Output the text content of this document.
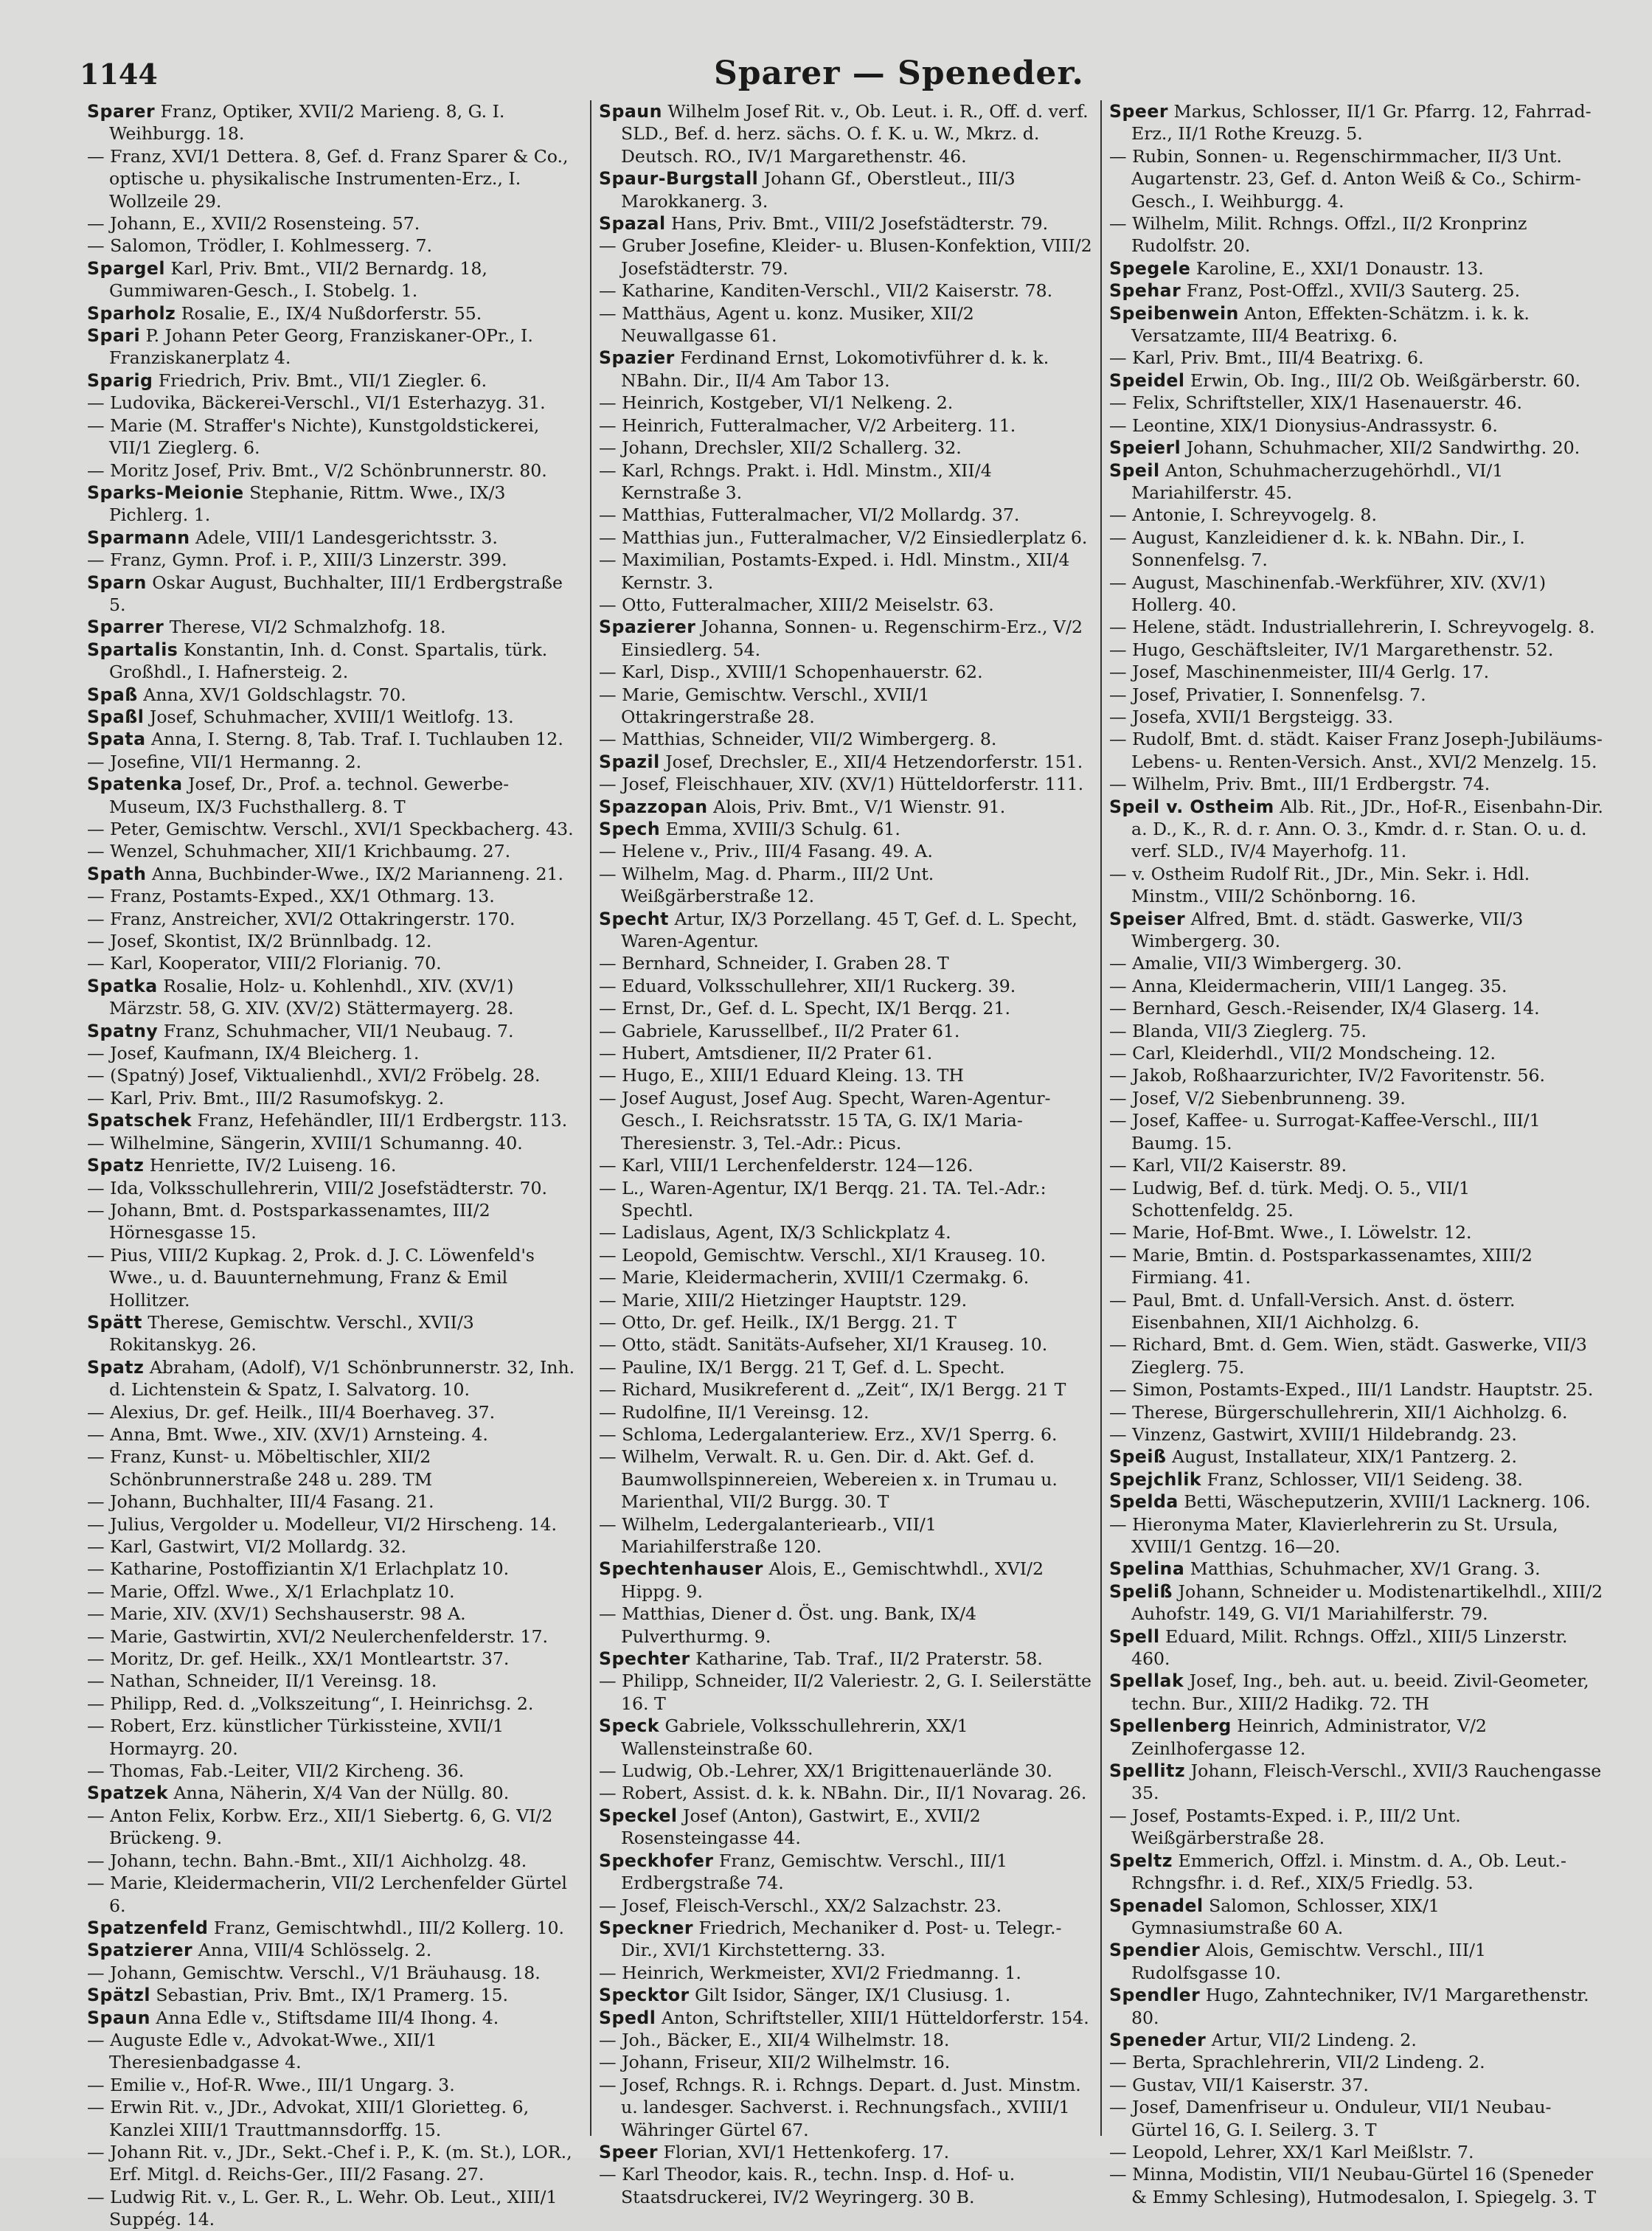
1144	Sparer — Speneder.

Sparer Franz, Optiker, XVII/2 Marieng. 8, G. I. Weihburgg. 18.

— Franz, XVI/1 Dettera. 8, Gef. d. Franz Sparer & Co., optische u. physikalische Instrumenten-Erz., I. Wollzeile 29.

— Johann, E., XVII/2 Rosensteing. 57.

— Salomon, Trödler, I. Kohlmesserg. 7.

Spargel Karl, Priv. Bmt., VII/2 Bernardg. 18, Gummiwaren-Gesch., I. Stobelg. 1.

Sparholz Rosalie, E., IX/4 Nußdorferstr. 55.

Spari P. Johann Peter Georg, Franziskaner-OPr., I. Franziskanerplatz 4.

Sparig Friedrich, Priv. Bmt., VII/1 Ziegler. 6.

— Ludovika, Bäckerei-Verschl., VI/1 Esterhazyg. 31.

— Marie (M. Straffer's Nichte), Kunstgoldstickerei, VII/1 Zieglerg. 6.

— Moritz Josef, Priv. Bmt., V/2 Schönbrunnerstr. 80.

Sparks-Meionie Stephanie, Rittm. Wwe., IX/3 Pichlerg. 1.

Sparmann Adele, VIII/1 Landesgerichtsstr. 3.

— Franz, Gymn. Prof. i. P., XIII/3 Linzerstr. 399.

Sparn Oskar August, Buchhalter, III/1 Erdbergstraße 5.

Sparrer Therese, VI/2 Schmalzhofg. 18.

Spartalis Konstantin, Inh. d. Const. Spartalis, türk. Großhdl., I. Hafnersteig. 2.

Spaß Anna, XV/1 Goldschlagstr. 70.

Spaßl Josef, Schuhmacher, XVIII/1 Weitlofg. 13.

Spata Anna, I. Sterng. 8, Tab. Traf. I. Tuchlauben 12.

— Josefine, VII/1 Hermanng. 2.

Spatenka Josef, Dr., Prof. a. technol. Gewerbe-Museum, IX/3 Fuchsthallerg. 8. T

— Peter, Gemischtw. Verschl., XVI/1 Speckbacherg. 43.

— Wenzel, Schuhmacher, XII/1 Krichbaumg. 27.

Spath Anna, Buchbinder-Wwe., IX/2 Marianneng. 21.

— Franz, Postamts-Exped., XX/1 Othmarg. 13.

— Franz, Anstreicher, XVI/2 Ottakringerstr. 170.

— Josef, Skontist, IX/2 Brünnlbadg. 12.

— Karl, Kooperator, VIII/2 Florianig. 70.

Spatka Rosalie, Holz- u. Kohlenhdl., XIV. (XV/1) Märzstr. 58, G. XIV. (XV/2) Stättermayerg. 28.

Spatny Franz, Schuhmacher, VII/1 Neubaug. 7.

— Josef, Kaufmann, IX/4 Bleicherg. 1.

— (Spatný) Josef, Viktualienhdl., XVI/2 Fröbelg. 28.

— Karl, Priv. Bmt., III/2 Rasumofskyg. 2.

Spatschek Franz, Hefehändler, III/1 Erdbergstr. 113.

— Wilhelmine, Sängerin, XVIII/1 Schumanng. 40.

Spatz Henriette, IV/2 Luiseng. 16.

— Ida, Volksschullehrerin, VIII/2 Josefstädterstr. 70.

— Johann, Bmt. d. Postsparkassenamtes, III/2 Hörnesgasse 15.

— Pius, VIII/2 Kupkag. 2, Prok. d. J. C. Löwenfeld's Wwe., u. d. Bauunternehmung, Franz & Emil Hollitzer.

Spätt Therese, Gemischtw. Verschl., XVII/3 Rokitanskyg. 26.

Spatz Abraham, (Adolf), V/1 Schönbrunnerstr. 32, Inh. d. Lichtenstein & Spatz, I. Salvatorg. 10.

— Alexius, Dr. gef. Heilk., III/4 Boerhaveg. 37.

— Anna, Bmt. Wwe., XIV. (XV/1) Arnsteing. 4.

— Franz, Kunst- u. Möbeltischler, XII/2 Schönbrunnerstraße 248 u. 289. TM

— Johann, Buchhalter, III/4 Fasang. 21.

— Julius, Vergolder u. Modelleur, VI/2 Hirscheng. 14.

— Karl, Gastwirt, VI/2 Mollardg. 32.

— Katharine, Postoffiziantin X/1 Erlachplatz 10.

— Marie, Offzl. Wwe., X/1 Erlachplatz 10.

— Marie, XIV. (XV/1) Sechshauserstr. 98 A.

— Marie, Gastwirtin, XVI/2 Neulerchenfelderstr. 17.

— Moritz, Dr. gef. Heilk., XX/1 Montleartstr. 37.

— Nathan, Schneider, II/1 Vereinsg. 18.

— Philipp, Red. d. „Volkszeitung“, I. Heinrichsg. 2.

— Robert, Erz. künstlicher Türkissteine, XVII/1 Hormayrg. 20.

— Thomas, Fab.-Leiter, VII/2 Kircheng. 36.

Spatzek Anna, Näherin, X/4 Van der Nüllg. 80.

— Anton Felix, Korbw. Erz., XII/1 Siebertg. 6, G. VI/2 Brückeng. 9.

— Johann, techn. Bahn.-Bmt., XII/1 Aichholzg. 48.

— Marie, Kleidermacherin, VII/2 Lerchenfelder Gürtel 6.

Spatzenfeld Franz, Gemischtwhdl., III/2 Kollerg. 10.

Spatzierer Anna, VIII/4 Schlösselg. 2.

— Johann, Gemischtw. Verschl., V/1 Bräuhausg. 18.

Spätzl Sebastian, Priv. Bmt., IX/1 Pramerg. 15.

Spaun Anna Edle v., Stiftsdame III/4 Ihong. 4.

— Auguste Edle v., Advokat-Wwe., XII/1 Theresienbadgasse 4.

— Emilie v., Hof-R. Wwe., III/1 Ungarg. 3.

— Erwin Rit. v., JDr., Advokat, XIII/1 Glorietteg. 6, Kanzlei XIII/1 Trauttmannsdorffg. 15.

— Johann Rit. v., JDr., Sekt.-Chef i. P., K. (m. St.), LOR., Erf. Mitgl. d. Reichs-Ger., III/2 Fasang. 27.

— Ludwig Rit. v., L. Ger. R., L. Wehr. Ob. Leut., XIII/1 Suppég. 14.

Spaun Wilhelm Josef Rit. v., Ob. Leut. i. R., Off. d. verf. SLD., Bef. d. herz. sächs. O. f. K. u. W., Mkrz. d. Deutsch. RO., IV/1 Margarethenstr. 46.

Spaur-Burgstall Johann Gf., Oberstleut., III/3 Marokkanerg. 3.

Spazal Hans, Priv. Bmt., VIII/2 Josefstädterstr. 79.

— Gruber Josefine, Kleider- u. Blusen-Konfektion, VIII/2 Josefstädterstr. 79.

— Katharine, Kanditen-Verschl., VII/2 Kaiserstr. 78.

— Matthäus, Agent u. konz. Musiker, XII/2 Neuwallgasse 61.

Spazier Ferdinand Ernst, Lokomotivführer d. k. k. NBahn. Dir., II/4 Am Tabor 13.

— Heinrich, Kostgeber, VI/1 Nelkeng. 2.

— Heinrich, Futteralmacher, V/2 Arbeiterg. 11.

— Johann, Drechsler, XII/2 Schallerg. 32.

— Karl, Rchngs. Prakt. i. Hdl. Minstm., XII/4 Kernstraße 3.

— Matthias, Futteralmacher, VI/2 Mollardg. 37.

— Matthias jun., Futteralmacher, V/2 Einsiedlerplatz 6.

— Maximilian, Postamts-Exped. i. Hdl. Minstm., XII/4 Kernstr. 3.

— Otto, Futteralmacher, XIII/2 Meiselstr. 63.

Spazierer Johanna, Sonnen- u. Regenschirm-Erz., V/2 Einsiedlerg. 54.

— Karl, Disp., XVIII/1 Schopenhauerstr. 62.

— Marie, Gemischtw. Verschl., XVII/1 Ottakringerstraße 28.

— Matthias, Schneider, VII/2 Wimbergerg. 8.

Spazil Josef, Drechsler, E., XII/4 Hetzendorferstr. 151.

— Josef, Fleischhauer, XIV. (XV/1) Hütteldorferstr. 111.

Spazzopan Alois, Priv. Bmt., V/1 Wienstr. 91.

Spech Emma, XVIII/3 Schulg. 61.

— Helene v., Priv., III/4 Fasang. 49. A.

— Wilhelm, Mag. d. Pharm., III/2 Unt. Weißgärberstraße 12.

Specht Artur, IX/3 Porzellang. 45 T, Gef. d. L. Specht, Waren-Agentur.

— Bernhard, Schneider, I. Graben 28. T

— Eduard, Volksschullehrer, XII/1 Ruckerg. 39.

— Ernst, Dr., Gef. d. L. Specht, IX/1 Berqg. 21.

— Gabriele, Karussellbef., II/2 Prater 61.

— Hubert, Amtsdiener, II/2 Prater 61.

— Hugo, E., XIII/1 Eduard Kleing. 13. TH

— Josef August, Josef Aug. Specht, Waren-Agentur-Gesch., I. Reichsratsstr. 15 TA, G. IX/1 Maria-Theresienstr. 3, Tel.-Adr.: Picus.

— Karl, VIII/1 Lerchenfelderstr. 124—126.

— L., Waren-Agentur, IX/1 Berqg. 21. TA. Tel.-Adr.: Spechtl.

— Ladislaus, Agent, IX/3 Schlickplatz 4.

— Leopold, Gemischtw. Verschl., XI/1 Krauseg. 10.

— Marie, Kleidermacherin, XVIII/1 Czermakg. 6.

— Marie, XIII/2 Hietzinger Hauptstr. 129.

— Otto, Dr. gef. Heilk., IX/1 Bergg. 21. T

— Otto, städt. Sanitäts-Aufseher, XI/1 Krauseg. 10.

— Pauline, IX/1 Bergg. 21 T, Gef. d. L. Specht.

— Richard, Musikreferent d. „Zeit“, IX/1 Bergg. 21 T

— Rudolfine, II/1 Vereinsg. 12.

— Schloma, Ledergalanteriew. Erz., XV/1 Sperrg. 6.

— Wilhelm, Verwalt. R. u. Gen. Dir. d. Akt. Gef. d. Baumwollspinnereien, Webereien x. in Trumau u. Marienthal, VII/2 Burgg. 30. T

— Wilhelm, Ledergalanteriearb., VII/1 Mariahilferstraße 120.

Spechtenhauser Alois, E., Gemischtwhdl., XVI/2 Hippg. 9.

— Matthias, Diener d. Öst. ung. Bank, IX/4 Pulverthurmg. 9.

Spechter Katharine, Tab. Traf., II/2 Praterstr. 58.

— Philipp, Schneider, II/2 Valeriestr. 2, G. I. Seilerstätte 16. T

Speck Gabriele, Volksschullehrerin, XX/1 Wallensteinstraße 60.

— Ludwig, Ob.-Lehrer, XX/1 Brigittenauerlände 30.

— Robert, Assist. d. k. k. NBahn. Dir., II/1 Novarag. 26.

Speckel Josef (Anton), Gastwirt, E., XVII/2 Rosensteingasse 44.

Speckhofer Franz, Gemischtw. Verschl., III/1 Erdbergstraße 74.

— Josef, Fleisch-Verschl., XX/2 Salzachstr. 23.

Speckner Friedrich, Mechaniker d. Post- u. Telegr.-Dir., XVI/1 Kirchstetterng. 33.

— Heinrich, Werkmeister, XVI/2 Friedmanng. 1.

Specktor Gilt Isidor, Sänger, IX/1 Clusiusg. 1.

Spedl Anton, Schriftsteller, XIII/1 Hütteldorferstr. 154.

— Joh., Bäcker, E., XII/4 Wilhelmstr. 18.

— Johann, Friseur, XII/2 Wilhelmstr. 16.

— Josef, Rchngs. R. i. Rchngs. Depart. d. Just. Minstm. u. landesger. Sachverst. i. Rechnungsfach., XVIII/1 Währinger Gürtel 67.

Speer Florian, XVI/1 Hettenkoferg. 17.

— Karl Theodor, kais. R., techn. Insp. d. Hof- u. Staatsdruckerei, IV/2 Weyringerg. 30 B.

Speer Markus, Schlosser, II/1 Gr. Pfarrg. 12, Fahrrad-Erz., II/1 Rothe Kreuzg. 5.

— Rubin, Sonnen- u. Regenschirmmacher, II/3 Unt. Augartenstr. 23, Gef. d. Anton Weiß & Co., Schirm-Gesch., I. Weihburgg. 4.

— Wilhelm, Milit. Rchngs. Offzl., II/2 Kronprinz Rudolfstr. 20.

Spegele Karoline, E., XXI/1 Donaustr. 13.

Spehar Franz, Post-Offzl., XVII/3 Sauterg. 25.

Speibenwein Anton, Effekten-Schätzm. i. k. k. Versatzamte, III/4 Beatrixg. 6.

— Karl, Priv. Bmt., III/4 Beatrixg. 6.

Speidel Erwin, Ob. Ing., III/2 Ob. Weißgärberstr. 60.

— Felix, Schriftsteller, XIX/1 Hasenauerstr. 46.

— Leontine, XIX/1 Dionysius-Andrassystr. 6.

Speierl Johann, Schuhmacher, XII/2 Sandwirthg. 20.

Speil Anton, Schuhmacherzugehörhdl., VI/1 Mariahilferstr. 45.

— Antonie, I. Schreyvogelg. 8.

— August, Kanzleidiener d. k. k. NBahn. Dir., I. Sonnenfelsg. 7.

— August, Maschinenfab.-Werkführer, XIV. (XV/1) Hollerg. 40.

— Helene, städt. Industriallehrerin, I. Schreyvogelg. 8.

— Hugo, Geschäftsleiter, IV/1 Margarethenstr. 52.

— Josef, Maschinenmeister, III/4 Gerlg. 17.

— Josef, Privatier, I. Sonnenfelsg. 7.

— Josefa, XVII/1 Bergsteigg. 33.

— Rudolf, Bmt. d. städt. Kaiser Franz Joseph-Jubiläums-Lebens- u. Renten-Versich. Anst., XVI/2 Menzelg. 15.

— Wilhelm, Priv. Bmt., III/1 Erdbergstr. 74.

Speil v. Ostheim Alb. Rit., JDr., Hof-R., Eisenbahn-Dir. a. D., K., R. d. r. Ann. O. 3., Kmdr. d. r. Stan. O. u. d. verf. SLD., IV/4 Mayerhofg. 11.

— v. Ostheim Rudolf Rit., JDr., Min. Sekr. i. Hdl. Minstm., VIII/2 Schönborng. 16.

Speiser Alfred, Bmt. d. städt. Gaswerke, VII/3 Wimbergerg. 30.

— Amalie, VII/3 Wimbergerg. 30.

— Anna, Kleidermacherin, VIII/1 Langeg. 35.

— Bernhard, Gesch.-Reisender, IX/4 Glaserg. 14.

— Blanda, VII/3 Zieglerg. 75.

— Carl, Kleiderhdl., VII/2 Mondscheing. 12.

— Jakob, Roßhaarzurichter, IV/2 Favoritenstr. 56.

— Josef, V/2 Siebenbrunneng. 39.

— Josef, Kaffee- u. Surrogat-Kaffee-Verschl., III/1 Baumg. 15.

— Karl, VII/2 Kaiserstr. 89.

— Ludwig, Bef. d. türk. Medj. O. 5., VII/1 Schottenfeldg. 25.

— Marie, Hof-Bmt. Wwe., I. Löwelstr. 12.

— Marie, Bmtin. d. Postsparkassenamtes, XIII/2 Firmiang. 41.

— Paul, Bmt. d. Unfall-Versich. Anst. d. österr. Eisenbahnen, XII/1 Aichholzg. 6.

— Richard, Bmt. d. Gem. Wien, städt. Gaswerke, VII/3 Zieglerg. 75.

— Simon, Postamts-Exped., III/1 Landstr. Hauptstr. 25.

— Therese, Bürgerschullehrerin, XII/1 Aichholzg. 6.

— Vinzenz, Gastwirt, XVIII/1 Hildebrandg. 23.

Speiß August, Installateur, XIX/1 Pantzerg. 2.

Spejchlik Franz, Schlosser, VII/1 Seideng. 38.

Spelda Betti, Wäscheputzerin, XVIII/1 Lacknerg. 106.

— Hieronyma Mater, Klavierlehrerin zu St. Ursula, XVIII/1 Gentzg. 16—20.

Spelina Matthias, Schuhmacher, XV/1 Grang. 3.

Speliß Johann, Schneider u. Modistenartikelhdl., XIII/2 Auhofstr. 149, G. VI/1 Mariahilferstr. 79.

Spell Eduard, Milit. Rchngs. Offzl., XIII/5 Linzerstr. 460.

Spellak Josef, Ing., beh. aut. u. beeid. Zivil-Geometer, techn. Bur., XIII/2 Hadikg. 72. TH

Spellenberg Heinrich, Administrator, V/2 Zeinlhofergasse 12.

Spellitz Johann, Fleisch-Verschl., XVII/3 Rauchengasse 35.

— Josef, Postamts-Exped. i. P., III/2 Unt. Weißgärberstraße 28.

Speltz Emmerich, Offzl. i. Minstm. d. A., Ob. Leut.-Rchngsfhr. i. d. Ref., XIX/5 Friedlg. 53.

Spenadel Salomon, Schlosser, XIX/1 Gymnasiumstraße 60 A.

Spendier Alois, Gemischtw. Verschl., III/1 Rudolfsgasse 10.

Spendler Hugo, Zahntechniker, IV/1 Margarethenstr. 80.

Speneder Artur, VII/2 Lindeng. 2.

— Berta, Sprachlehrerin, VII/2 Lindeng. 2.

— Gustav, VII/1 Kaiserstr. 37.

— Josef, Damenfriseur u. Onduleur, VII/1 Neubau-Gürtel 16, G. I. Seilerg. 3. T

— Leopold, Lehrer, XX/1 Karl Meißlstr. 7.

— Minna, Modistin, VII/1 Neubau-Gürtel 16 (Speneder & Emmy Schlesing), Hutmodesalon, I. Spiegelg. 3. T
